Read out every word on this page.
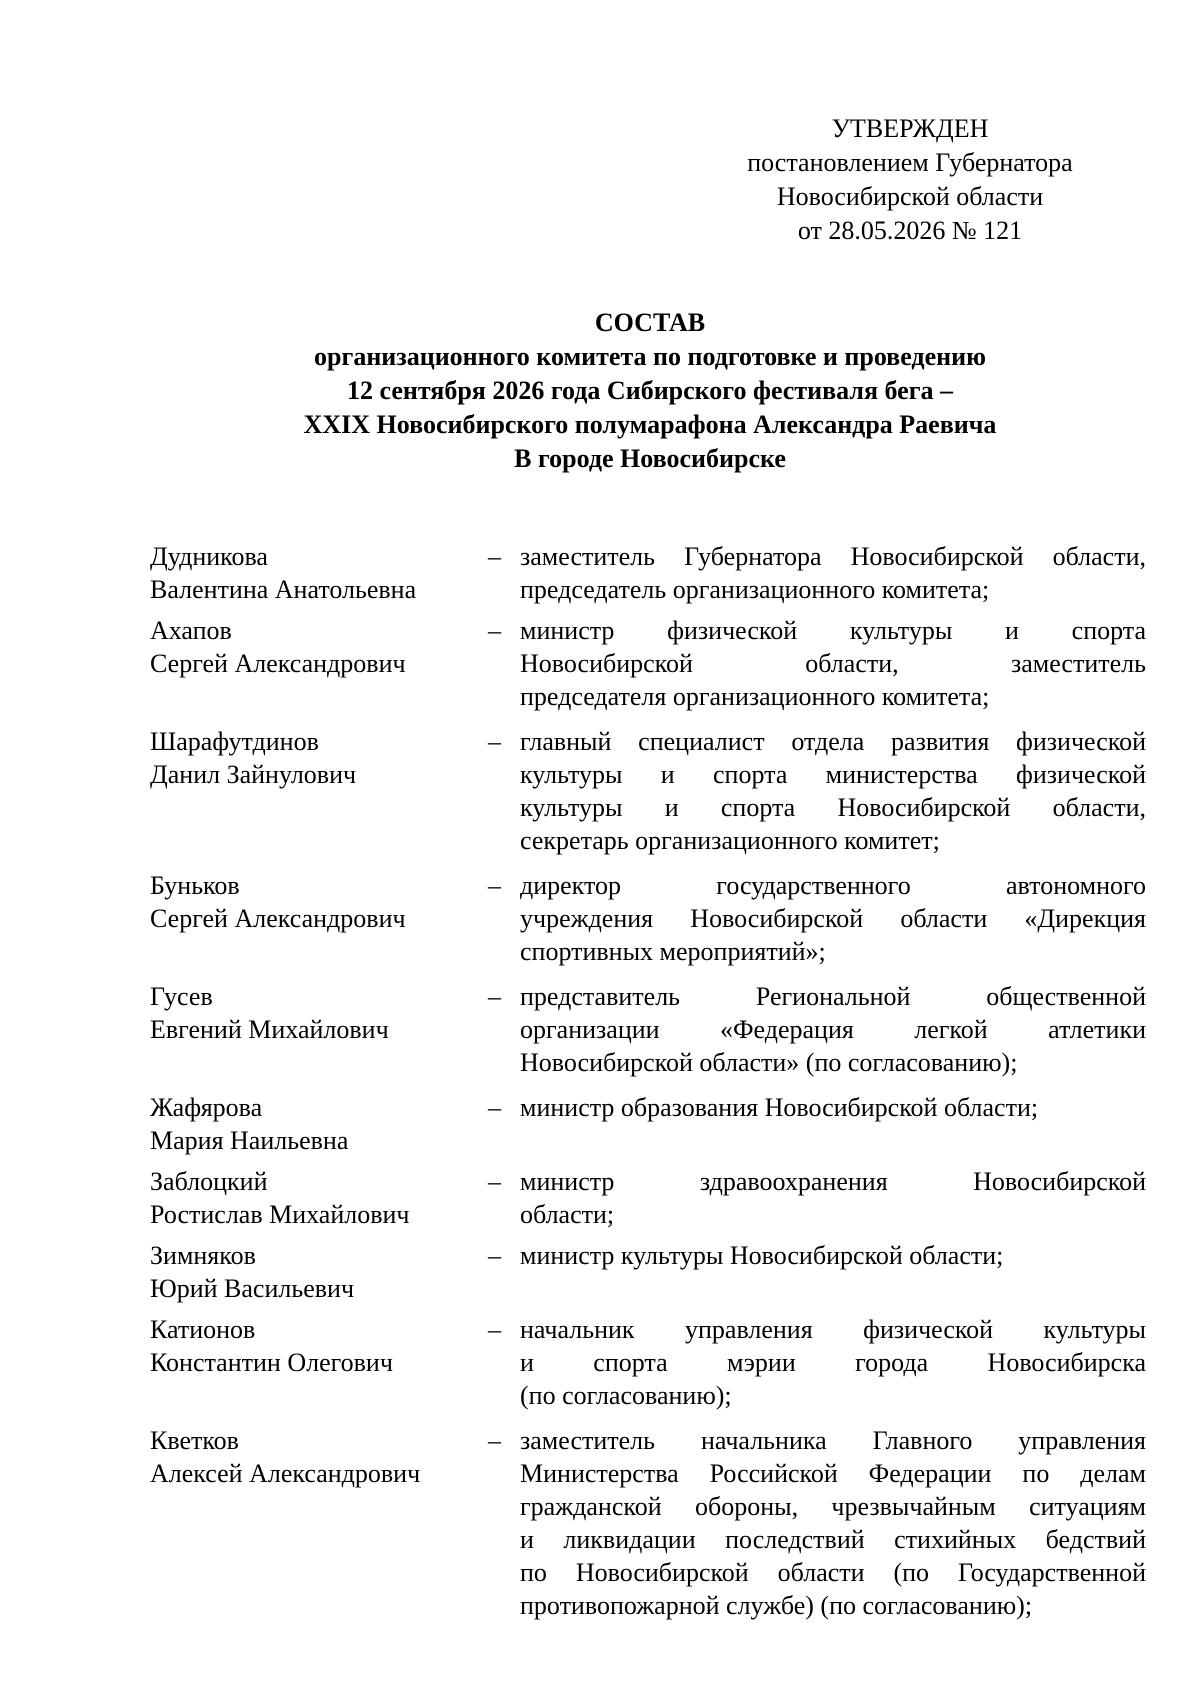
УТВЕРЖДЕН
постановлением Губернатора
Новосибирской области
от 28.05.2026 № 121
СОСТАВ
организационного комитета по подготовке и проведению
12 сентября 2026 года Сибирского фестиваля бега –
XXIX Новосибирского полумарафона Александра Раевича
В городе Новосибирске
Дудникова
Валентина Анатольевна
– заместитель Губернатора Новосибирской области,
председатель организационного комитета;
Ахапов
Сергей Александрович
– министр физической культуры и спорта
Новосибирской области, заместитель
председателя организационного комитета;
Шарафутдинов
Данил Зайнулович
– главный специалист отдела развития физической
культуры и спорта министерства физической
культуры и спорта Новосибирской области,
секретарь организационного комитет;
Буньков
Сергей Александрович
– директор государственного автономного
учреждения Новосибирской области «Дирекция
спортивных мероприятий»;
Гусев
Евгений Михайлович
– представитель Региональной общественной
организации «Федерация легкой атлетики
Новосибирской области» (по согласованию);
Жафярова
Мария Наильевна
– министр образования Новосибирской области;
Заблоцкий
Ростислав Михайлович
– министр здравоохранения Новосибирской
области;
Зимняков
Юрий Васильевич
– министр культуры Новосибирской области;
Катионов
Константин Олегович
– начальник управления физической культуры
и спорта мэрии города Новосибирска
(по согласованию);
Кветков
Алексей Александрович
– заместитель начальника Главного управления
Министерства Российской Федерации по делам
гражданской обороны, чрезвычайным ситуациям
и ликвидации последствий стихийных бедствий
по Новосибирской области (по Государственной
противопожарной службе) (по согласованию);
